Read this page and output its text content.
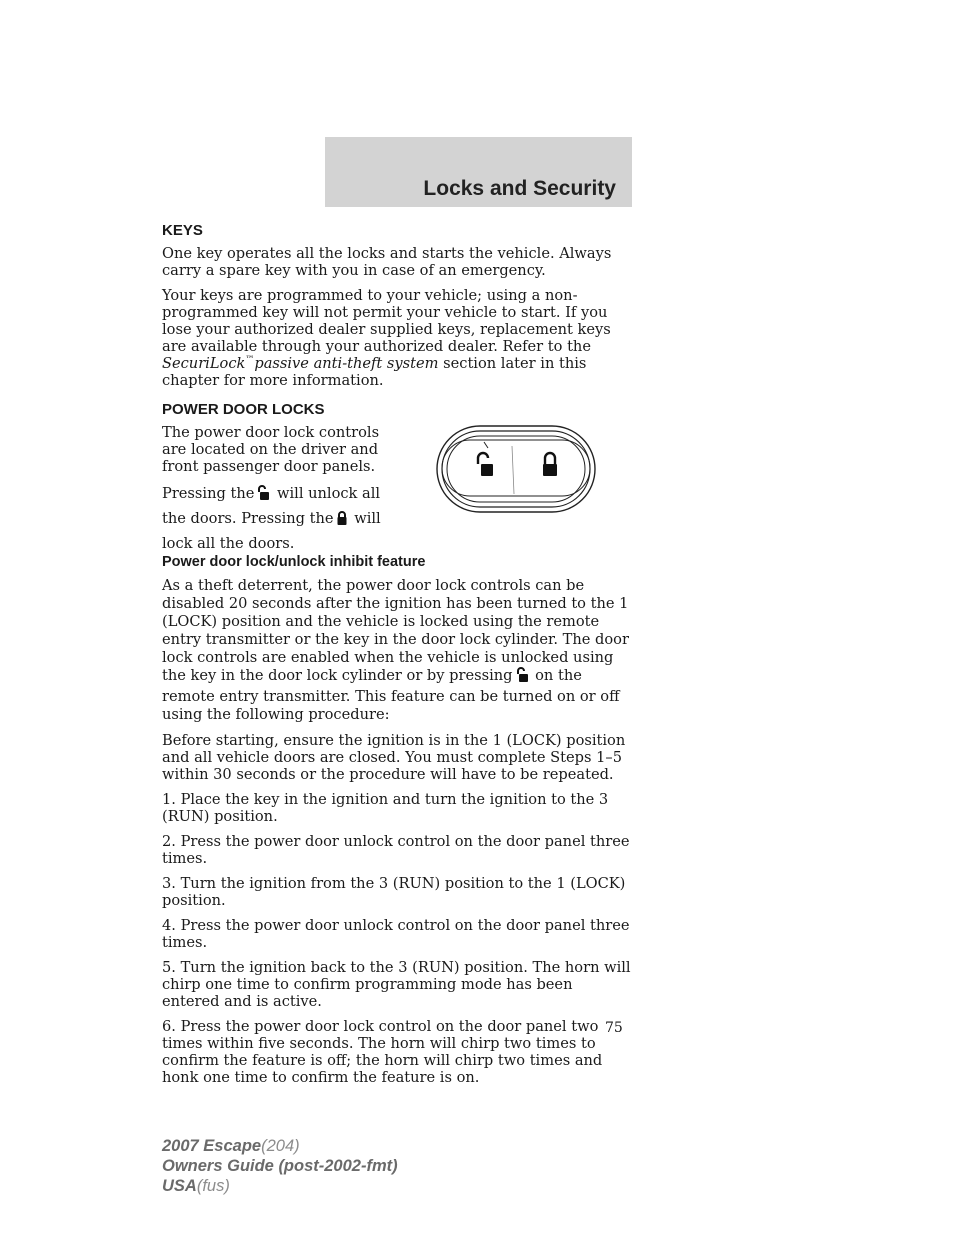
Locks and Security
KEYS

One key operates all the locks and starts the vehicle. Always carry a spare key with you in case of an emergency.

Your keys are programmed to your vehicle; using a non-programmed key will not permit your vehicle to start. If you lose your authorized dealer supplied keys, replacement keys are available through your authorized dealer. Refer to the SecuriLock™passive anti-theft system section later in this chapter for more information.

POWER DOOR LOCKS

The power door lock controls are located on the driver and front passenger door panels.

Pressing the will unlock all the doors. Pressing the will lock all the doors.

Power door lock/unlock inhibit feature

As a theft deterrent, the power door lock controls can be disabled 20 seconds after the ignition has been turned to the 1 (LOCK) position and the vehicle is locked using the remote entry transmitter or the key in the door lock cylinder. The door lock controls are enabled when the vehicle is unlocked using the key in the door lock cylinder or by pressing on the remote entry transmitter. This feature can be turned on or off using the following procedure:

Before starting, ensure the ignition is in the 1 (LOCK) position and all vehicle doors are closed. You must complete Steps 1–5 within 30 seconds or the procedure will have to be repeated.

1. Place the key in the ignition and turn the ignition to the 3 (RUN) position.

2. Press the power door unlock control on the door panel three times.

3. Turn the ignition from the 3 (RUN) position to the 1 (LOCK) position.

4. Press the power door unlock control on the door panel three times.

5. Turn the ignition back to the 3 (RUN) position. The horn will chirp one time to confirm programming mode has been entered and is active.

6. Press the power door lock control on the door panel two times within five seconds. The horn will chirp two times to confirm the feature is off; the horn will chirp two times and honk one time to confirm the feature is on.

75
2007 Escape(204)
Owners Guide (post-2002-fmt)
USA(fus)
